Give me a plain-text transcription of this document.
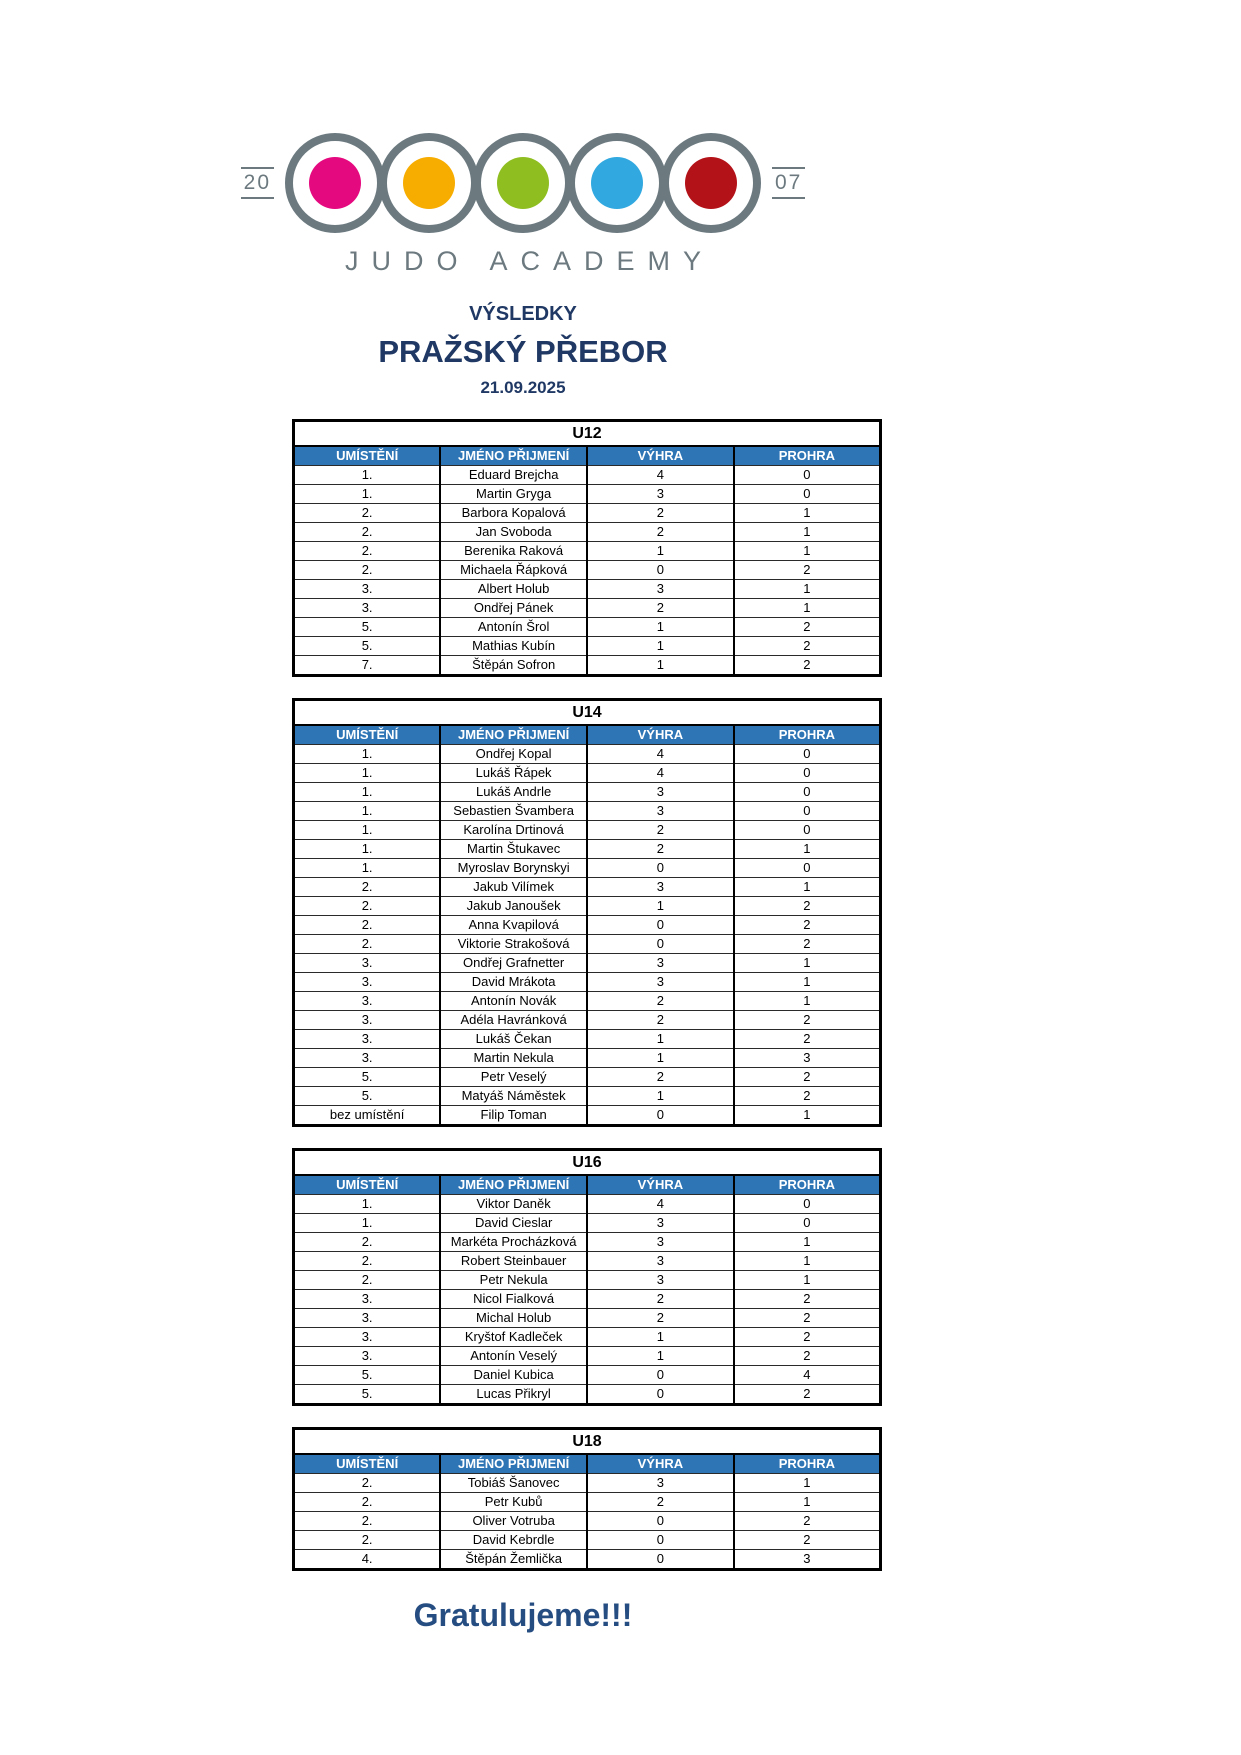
20	07
JUDO ACADEMY
VÝSLEDKY
PRAŽSKÝ PŘEBOR
21.09.2025
U12			
UMÍSTĚNÍ	JMÉNO PŘIJMENÍ	VÝHRA	PROHRA
1.	Eduard Brejcha	4	0
1.	Martin Gryga	3	0
2.	Barbora Kopalová	2	1
2.	Jan Svoboda	2	1
2.	Berenika Raková	1	1
2.	Michaela Řápková	0	2
3.	Albert Holub	3	1
3.	Ondřej Pánek	2	1
5.	Antonín Šrol	1	2
5.	Mathias Kubín	1	2
7.	Štěpán Sofron	1	2
U14			
UMÍSTĚNÍ	JMÉNO PŘIJMENÍ	VÝHRA	PROHRA
1.	Ondřej Kopal	4	0
1.	Lukáš Řápek	4	0
1.	Lukáš Andrle	3	0
1.	Sebastien Švambera	3	0
1.	Karolína Drtinová	2	0
1.	Martin Štukavec	2	1
1.	Myroslav Borynskyi	0	0
2.	Jakub Vilímek	3	1
2.	Jakub Janoušek	1	2
2.	Anna Kvapilová	0	2
2.	Viktorie Strakošová	0	2
3.	Ondřej Grafnetter	3	1
3.	David Mrákota	3	1
3.	Antonín Novák	2	1
3.	Adéla Havránková	2	2
3.	Lukáš Čekan	1	2
3.	Martin Nekula	1	3
5.	Petr Veselý	2	2
5.	Matyáš Náměstek	1	2
bez umístění	Filip Toman	0	1
U16			
UMÍSTĚNÍ	JMÉNO PŘIJMENÍ	VÝHRA	PROHRA
1.	Viktor Daněk	4	0
1.	David Cieslar	3	0
2.	Markéta Procházková	3	1
2.	Robert Steinbauer	3	1
2.	Petr Nekula	3	1
3.	Nicol Fialková	2	2
3.	Michal Holub	2	2
3.	Kryštof Kadleček	1	2
3.	Antonín Veselý	1	2
5.	Daniel Kubica	0	4
5.	Lucas Přikryl	0	2
U18			
UMÍSTĚNÍ	JMÉNO PŘIJMENÍ	VÝHRA	PROHRA
2.	Tobiáš Šanovec	3	1
2.	Petr Kubů	2	1
2.	Oliver Votruba	0	2
2.	David Kebrdle	0	2
4.	Štěpán Žemlička	0	3
Gratulujeme!!!
